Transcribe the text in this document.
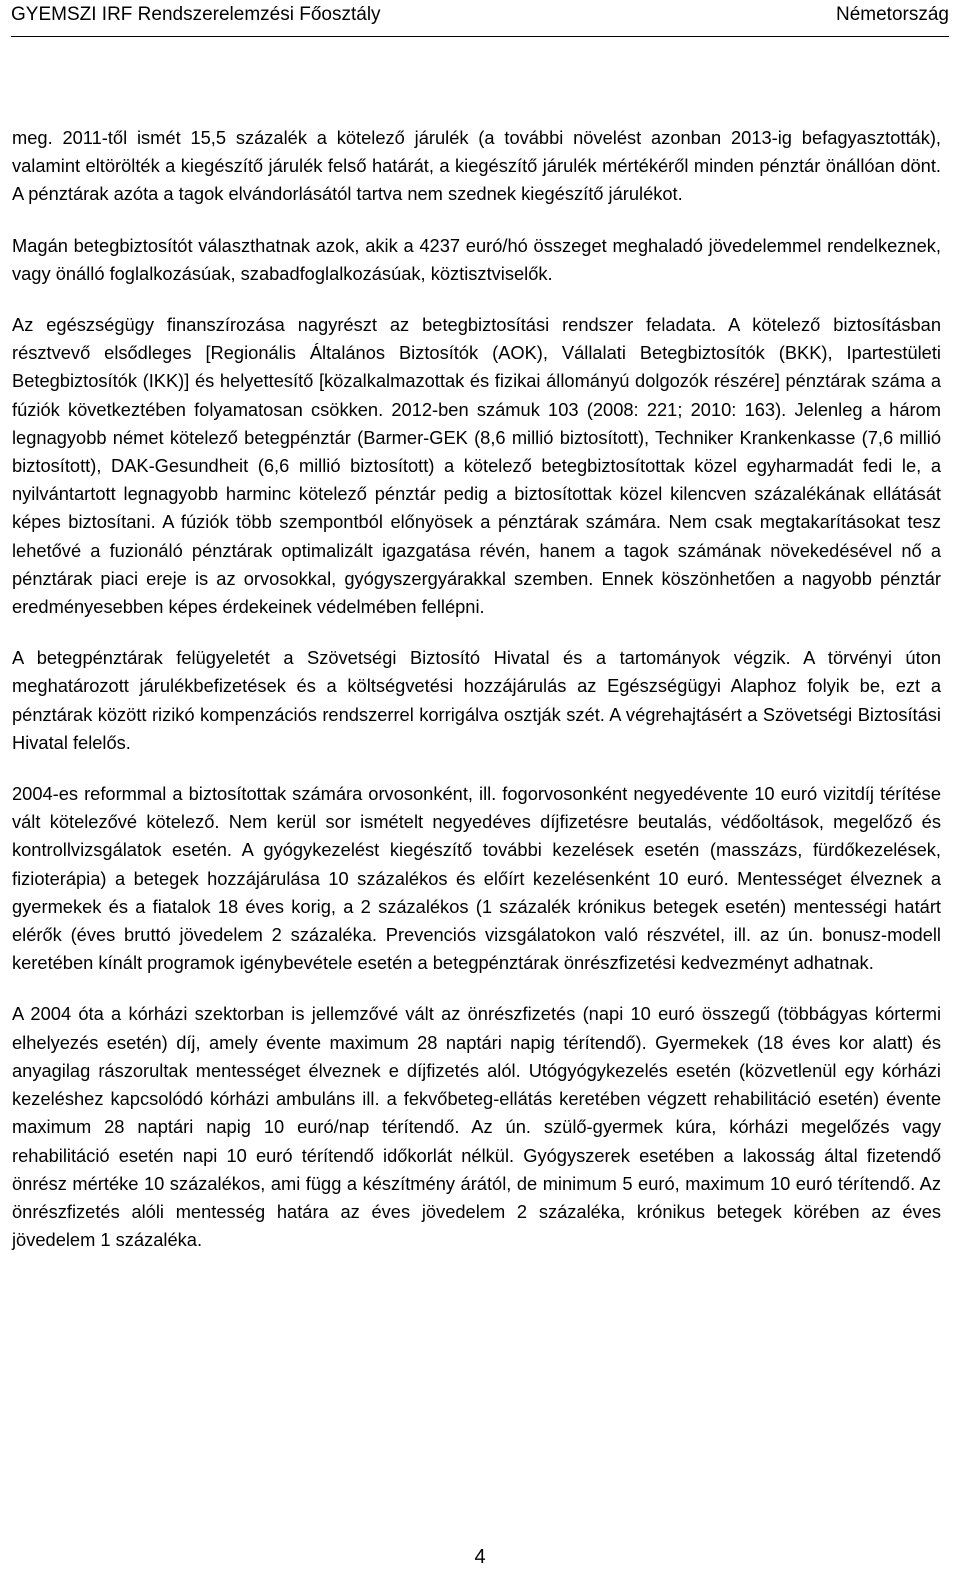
GYEMSZI IRF Rendszerelemzési Főosztály	Németország

meg. 2011-től ismét 15,5 százalék a kötelező járulék (a további növelést azonban 2013-ig befagyasztották), valamint eltörölték a kiegészítő járulék felső határát, a kiegészítő járulék mértékéről minden pénztár önállóan dönt. A pénztárak azóta a tagok elvándorlásától tartva nem szednek kiegészítő járulékot.

Magán betegbiztosítót választhatnak azok, akik a 4237 euró/hó összeget meghaladó jövedelemmel rendelkeznek, vagy önálló foglalkozásúak, szabadfoglalkozásúak, köztisztviselők.

Az egészségügy finanszírozása nagyrészt az betegbiztosítási rendszer feladata. A kötelező biztosításban résztvevő elsődleges [Regionális Általános Biztosítók (AOK), Vállalati Betegbiztosítók (BKK), Ipartestületi Betegbiztosítók (IKK)] és helyettesítő [közalkalmazottak és fizikai állományú dolgozók részére] pénztárak száma a fúziók következtében folyamatosan csökken. 2012-ben számuk 103 (2008: 221; 2010: 163). Jelenleg a három legnagyobb német kötelező betegpénztár (Barmer-GEK (8,6 millió biztosított), Techniker Krankenkasse (7,6 millió biztosított), DAK-Gesundheit (6,6 millió biztosított) a kötelező betegbiztosítottak közel egyharmadát fedi le, a nyilvántartott legnagyobb harminc kötelező pénztár pedig a biztosítottak közel kilencven százalékának ellátását képes biztosítani. A fúziók több szempontból előnyösek a pénztárak számára. Nem csak megtakarításokat tesz lehetővé a fuzionáló pénztárak optimalizált igazgatása révén, hanem a tagok számának növekedésével nő a pénztárak piaci ereje is az orvosokkal, gyógyszergyárakkal szemben. Ennek köszönhetően a nagyobb pénztár eredményesebben képes érdekeinek védelmében fellépni.

A betegpénztárak felügyeletét a Szövetségi Biztosító Hivatal és a tartományok végzik. A törvényi úton meghatározott járulékbefizetések és a költségvetési hozzájárulás az Egészségügyi Alaphoz folyik be, ezt a pénztárak között rizikó kompenzációs rendszerrel korrigálva osztják szét. A végrehajtásért a Szövetségi Biztosítási Hivatal felelős.

2004-es reformmal a biztosítottak számára orvosonként, ill. fogorvosonként negyedévente 10 euró vizitdíj térítése vált kötelezővé kötelező. Nem kerül sor ismételt negyedéves díjfizetésre beutalás, védőoltások, megelőző és kontrollvizsgálatok esetén. A gyógykezelést kiegészítő további kezelések esetén (masszázs, fürdőkezelések, fizioterápia) a betegek hozzájárulása 10 százalékos és előírt kezelésenként 10 euró. Mentességet élveznek a gyermekek és a fiatalok 18 éves korig, a 2 százalékos (1 százalék krónikus betegek esetén) mentességi határt elérők (éves bruttó jövedelem 2 százaléka. Prevenciós vizsgálatokon való részvétel, ill. az ún. bonusz-modell keretében kínált programok igénybevétele esetén a betegpénztárak önrészfizetési kedvezményt adhatnak.

A 2004 óta a kórházi szektorban is jellemzővé vált az önrészfizetés (napi 10 euró összegű (többágyas kórtermi elhelyezés esetén) díj, amely évente maximum 28 naptári napig térítendő). Gyermekek (18 éves kor alatt) és anyagilag rászorultak mentességet élveznek e díjfizetés alól. Utógyógykezelés esetén (közvetlenül egy kórházi kezeléshez kapcsolódó kórházi ambuláns ill. a fekvőbeteg-ellátás keretében végzett rehabilitáció esetén) évente maximum 28 naptári napig 10 euró/nap térítendő. Az ún. szülő-gyermek kúra, kórházi megelőzés vagy rehabilitáció esetén napi 10 euró térítendő időkorlát nélkül. Gyógyszerek esetében a lakosság által fizetendő önrész mértéke 10 százalékos, ami függ a készítmény árától, de minimum 5 euró, maximum 10 euró térítendő. Az önrészfizetés alóli mentesség határa az éves jövedelem 2 százaléka, krónikus betegek körében az éves jövedelem 1 százaléka.

4
